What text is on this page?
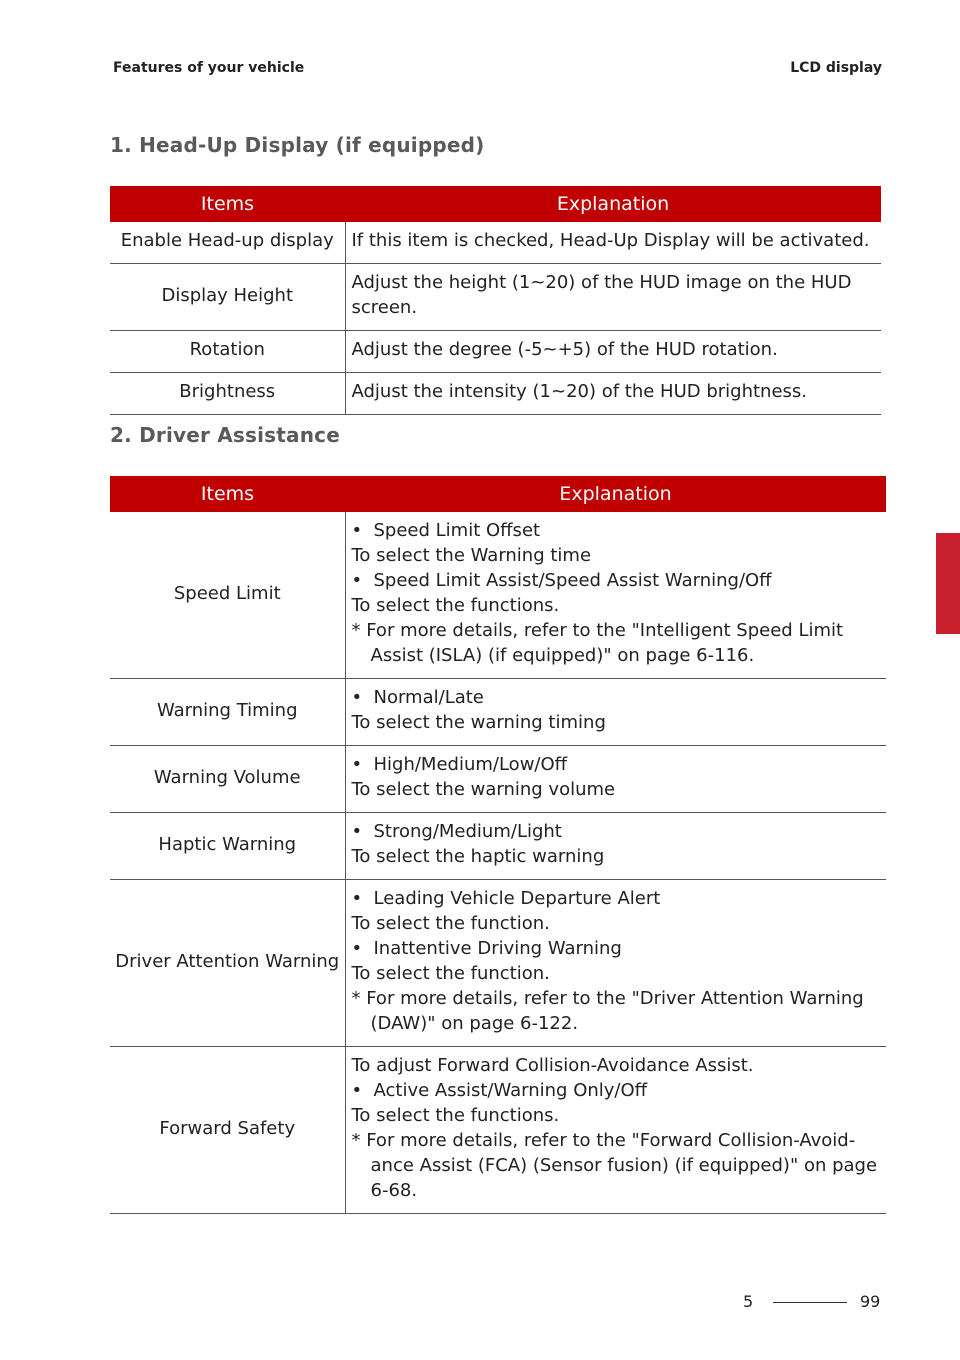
Features of your vehicle	LCD display
1. Head-Up Display (if equipped)
Items	Explanation
Enable Head-up display	If this item is checked, Head-Up Display will be activated.

Display Height	Adjust the height (1~20) of the HUD image on the HUD screen.

Rotation	Adjust the degree (-5~+5) of the HUD rotation.

Brightness	Adjust the intensity (1~20) of the HUD brightness.
2. Driver Assistance
Items	Explanation
Speed Limit	• Speed Limit Offset
To select the Warning time
• Speed Limit Assist/Speed Assist Warning/Off
To select the functions.
* For more details, refer to the "Intelligent Speed Limit Assist (ISLA) (if equipped)" on page 6-116.

Warning Timing	• Normal/Late
To select the warning timing

Warning Volume	• High/Medium/Low/Off
To select the warning volume

Haptic Warning	• Strong/Medium/Light
To select the haptic warning

Driver Attention Warning	• Leading Vehicle Departure Alert
To select the function.
• Inattentive Driving Warning
To select the function.
* For more details, refer to the "Driver Attention Warning (DAW)" on page 6-122.

Forward Safety	To adjust Forward Collision-Avoidance Assist.
• Active Assist/Warning Only/Off
To select the functions.
* For more details, refer to the "Forward Collision-Avoid-ance Assist (FCA) (Sensor fusion) (if equipped)" on page 6-68.
5
5	99
